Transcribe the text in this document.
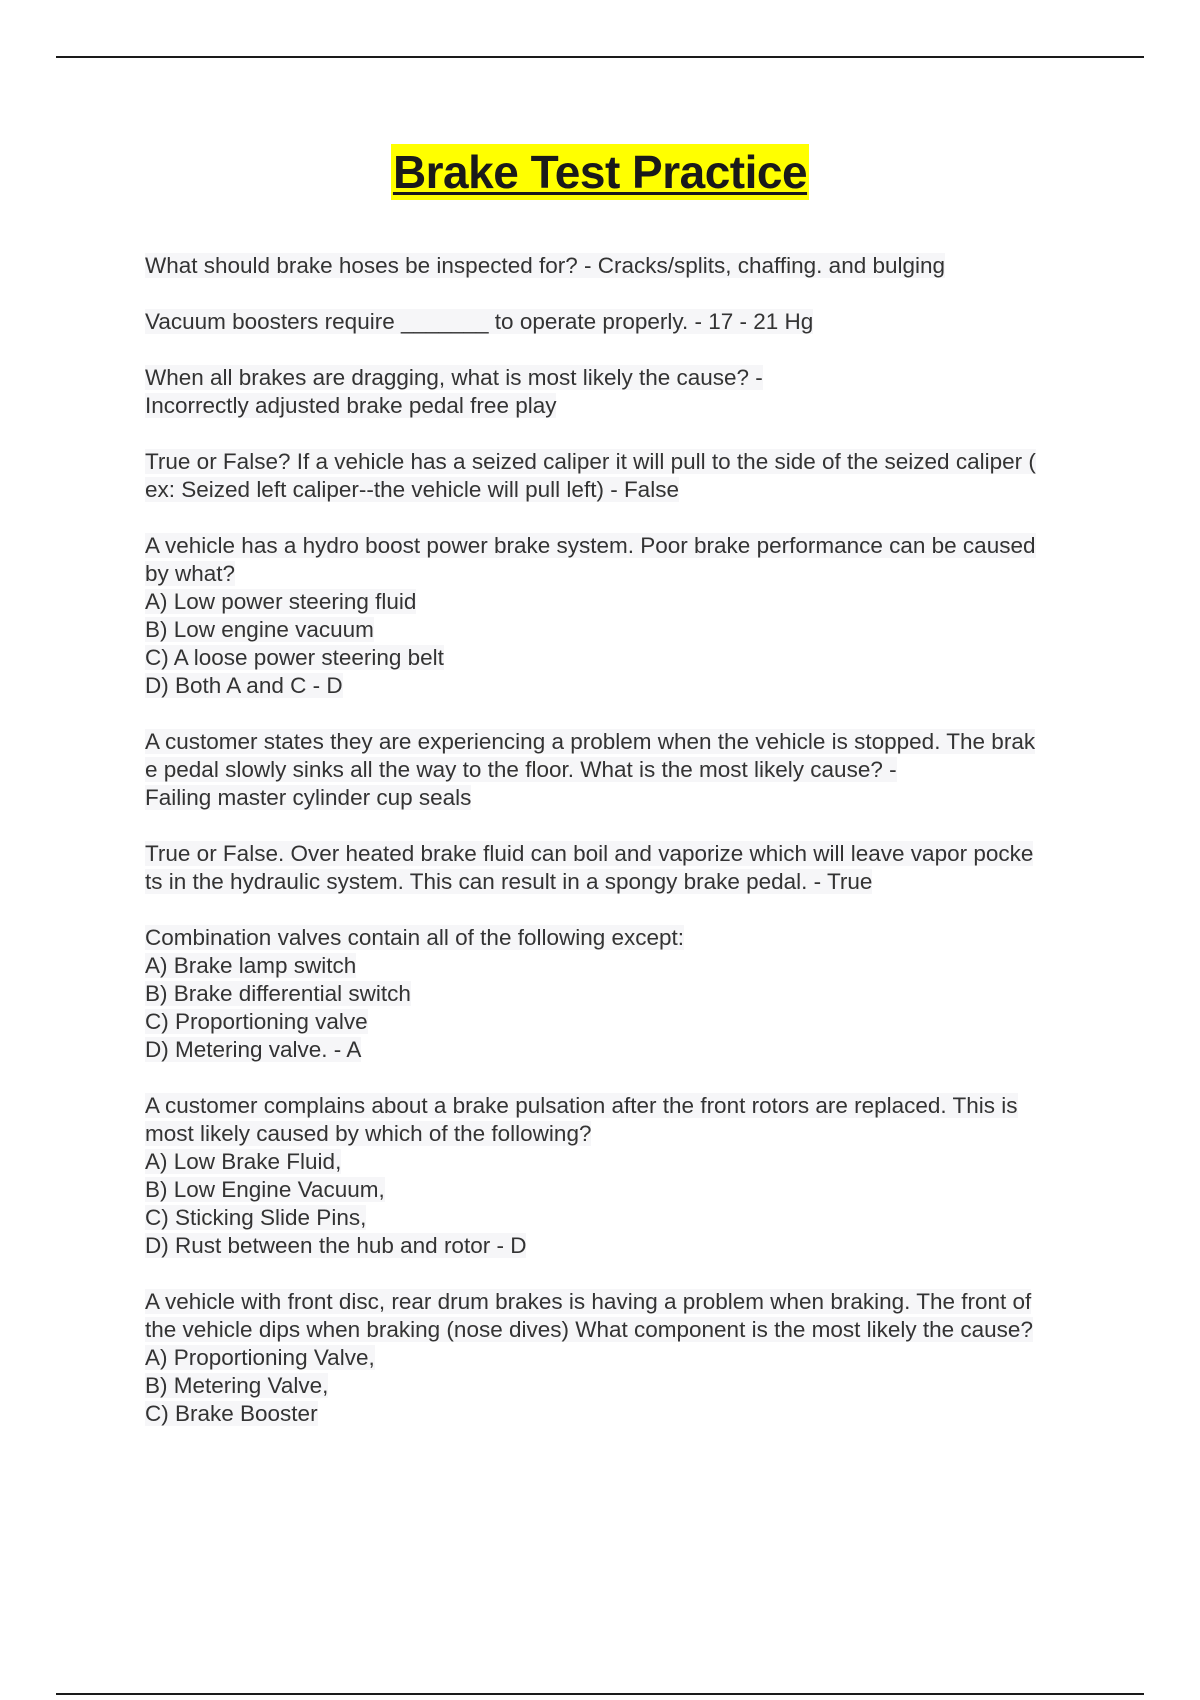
Brake Test Practice
What should brake hoses be inspected for? - Cracks/splits, chaffing. and bulging
Vacuum boosters require _______ to operate properly. - 17 - 21 Hg
When all brakes are dragging, what is most likely the cause? -
Incorrectly adjusted brake pedal free play
True or False? If a vehicle has a seized caliper it will pull to the side of the seized caliper (
ex: Seized left caliper--the vehicle will pull left) - False
A vehicle has a hydro boost power brake system. Poor brake performance can be caused
by what?
A) Low power steering fluid
B) Low engine vacuum
C) A loose power steering belt
D) Both A and C - D
A customer states they are experiencing a problem when the vehicle is stopped. The brak
e pedal slowly sinks all the way to the floor. What is the most likely cause? -
Failing master cylinder cup seals
True or False. Over heated brake fluid can boil and vaporize which will leave vapor pocke
ts in the hydraulic system. This can result in a spongy brake pedal. - True
Combination valves contain all of the following except:
A) Brake lamp switch
B) Brake differential switch
C) Proportioning valve
D) Metering valve. - A
A customer complains about a brake pulsation after the front rotors are replaced. This is
most likely caused by which of the following?
A) Low Brake Fluid,
B) Low Engine Vacuum,
C) Sticking Slide Pins,
D) Rust between the hub and rotor - D
A vehicle with front disc, rear drum brakes is having a problem when braking. The front of
the vehicle dips when braking (nose dives) What component is the most likely the cause?
A) Proportioning Valve,
B) Metering Valve,
C) Brake Booster
